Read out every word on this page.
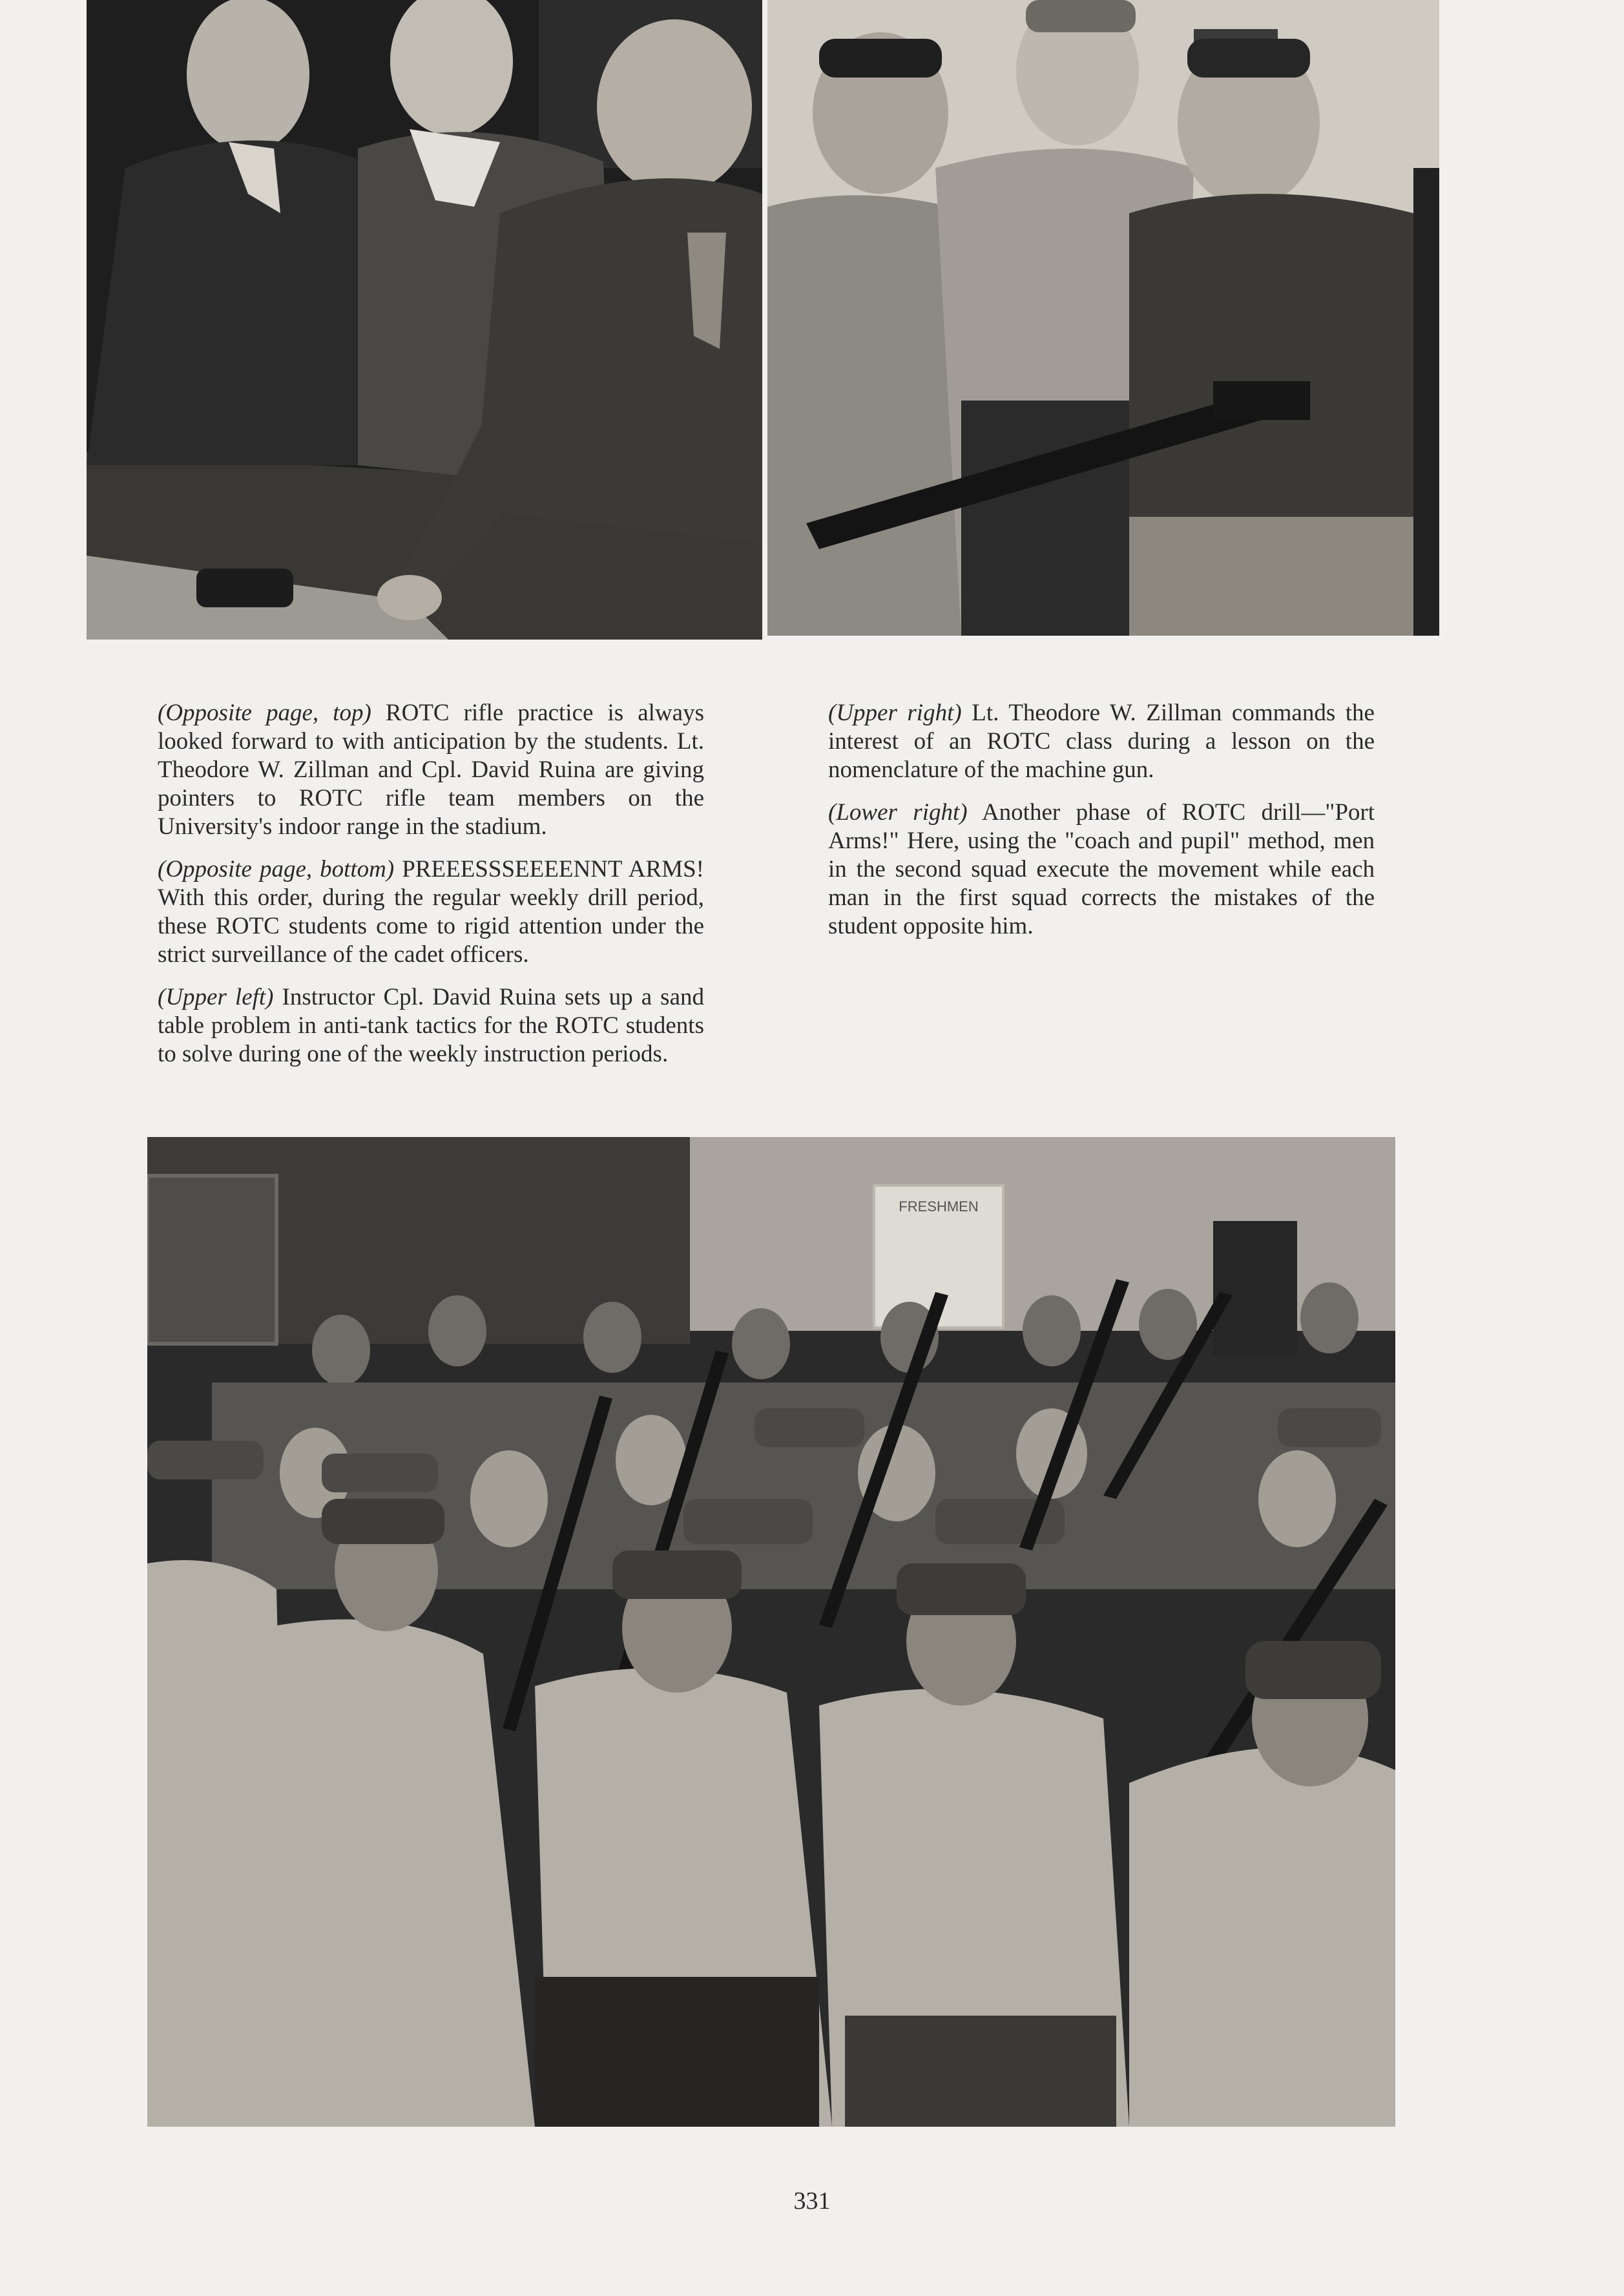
(Opposite page, top) ROTC rifle practice is always looked forward to with anticipation by the students. Lt. Theodore W. Zillman and Cpl. David Ruina are giving pointers to ROTC rifle team members on the University's indoor range in the stadium.

(Opposite page, bottom) PREEESSSEEEENNT ARMS! With this order, during the regular weekly drill period, these ROTC students come to rigid attention under the strict surveillance of the cadet officers.

(Upper left) Instructor Cpl. David Ruina sets up a sand table problem in anti-tank tactics for the ROTC students to solve during one of the weekly instruction periods.

(Upper right) Lt. Theodore W. Zillman commands the interest of an ROTC class during a lesson on the nomenclature of the machine gun.

(Lower right) Another phase of ROTC drill—"Port Arms!" Here, using the "coach and pupil" method, men in the second squad execute the movement while each man in the first squad corrects the mistakes of the student opposite him.

FRESHMEN
331
